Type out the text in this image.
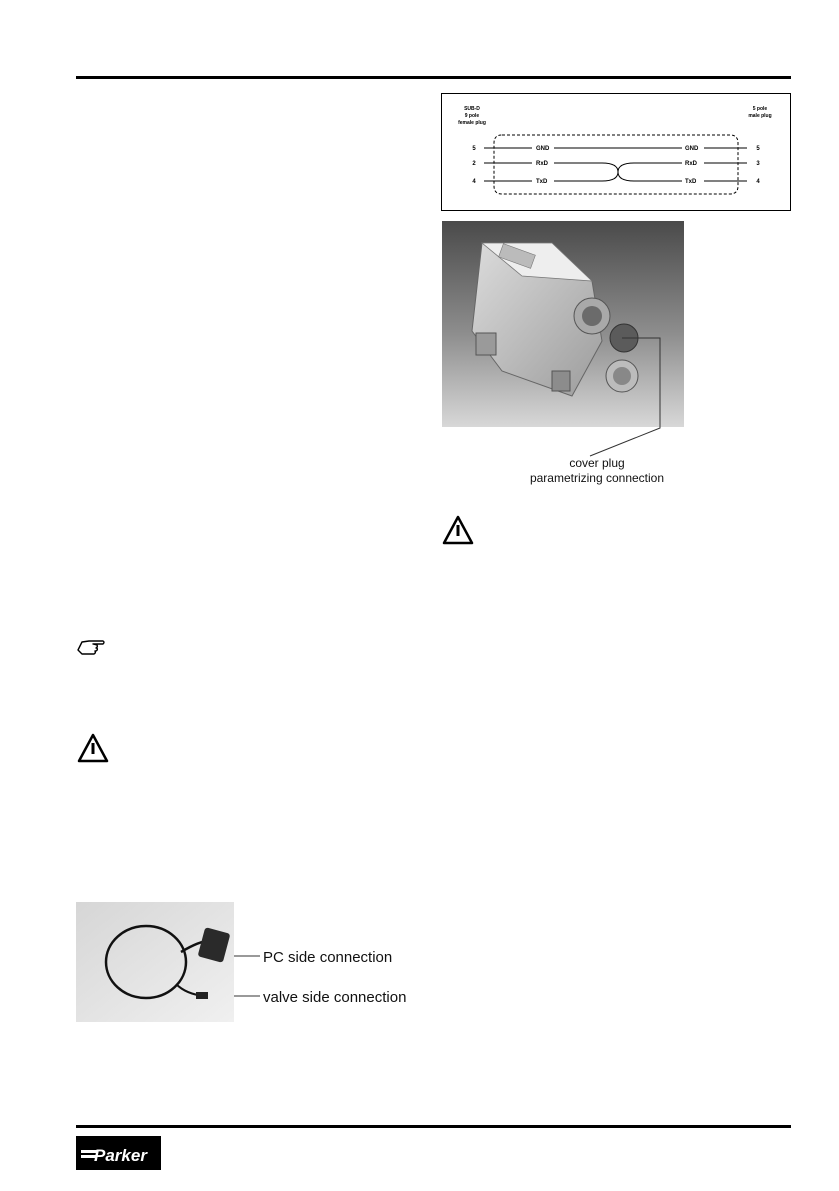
SUB-D
9 pole
female plug
5 pole
male plug
5	GND	GND	5
2	RxD	RxD	3
4	TxD	TxD	4
cover plug
parametrizing connection
PC side connection
valve side connection
Parker
